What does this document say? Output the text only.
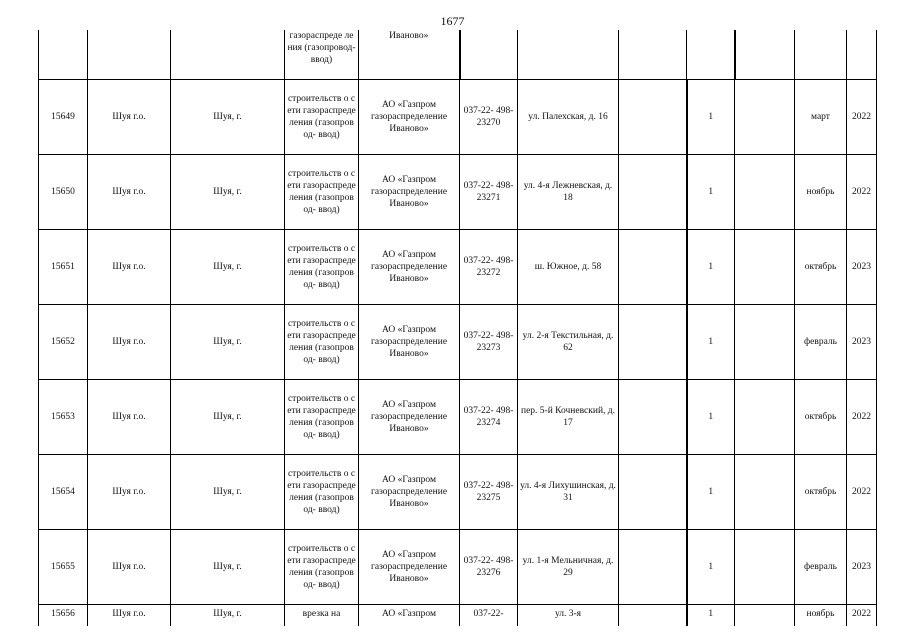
1677
			газораспреде ления (газопровод- ввод)	Иваново»							
15649	Шуя г.о.	Шуя, г.	строительств о сети газораспреде ления (газопровод- ввод)	АО «Газпром газораспределение Иваново»	037-22- 498-23270	ул. Палехская, д. 16		1		март	2022
15650	Шуя г.о.	Шуя, г.	строительств о сети газораспреде ления (газопровод- ввод)	АО «Газпром газораспределение Иваново»	037-22- 498-23271	ул. 4-я Лежневская, д. 18		1		ноябрь	2022
15651	Шуя г.о.	Шуя, г.	строительств о сети газораспреде ления (газопровод- ввод)	АО «Газпром газораспределение Иваново»	037-22- 498-23272	ш. Южное, д. 58		1		октябрь	2023
15652	Шуя г.о.	Шуя, г.	строительств о сети газораспреде ления (газопровод- ввод)	АО «Газпром газораспределение Иваново»	037-22- 498-23273	ул. 2-я Текстильная, д. 62		1		февраль	2023
15653	Шуя г.о.	Шуя, г.	строительств о сети газораспреде ления (газопровод- ввод)	АО «Газпром газораспределение Иваново»	037-22- 498-23274	пер. 5-й Кочневский, д. 17		1		октябрь	2022
15654	Шуя г.о.	Шуя, г.	строительств о сети газораспреде ления (газопровод- ввод)	АО «Газпром газораспределение Иваново»	037-22- 498-23275	ул. 4-я Лихушинская, д. 31		1		октябрь	2022
15655	Шуя г.о.	Шуя, г.	строительств о сети газораспреде ления (газопровод- ввод)	АО «Газпром газораспределение Иваново»	037-22- 498-23276	ул. 1-я Мельничная, д. 29		1		февраль	2023
15656	Шуя г.о.	Шуя, г.	врезка на	АО «Газпром	037-22-	ул. 3-я		1		ноябрь	2022
